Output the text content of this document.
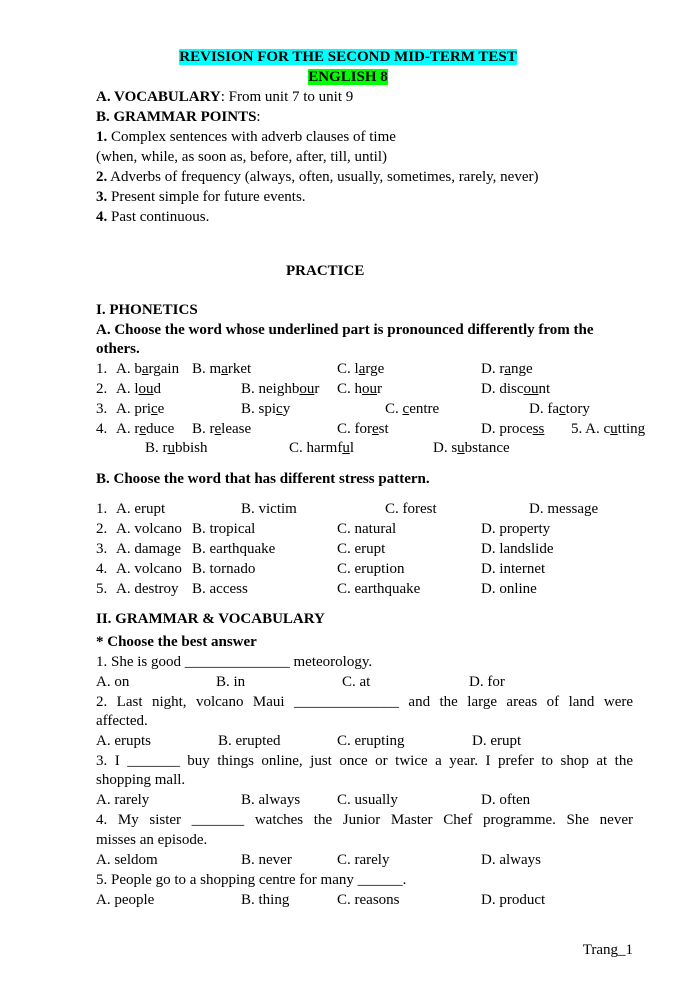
REVISION FOR THE SECOND MID-TERM TEST
ENGLISH 8
A. VOCABULARY: From unit 7 to unit 9
B. GRAMMAR POINTS:
1. Complex sentences with adverb clauses of time
(when, while, as soon as, before, after, till, until)
2. Adverbs of frequency (always, often, usually, sometimes, rarely, never)
3. Present simple for future events.
4. Past continuous.
PRACTICE
I. PHONETICS
A. Choose the word whose underlined part is pronounced differently from the
others.
1. A. bargain B. market	C. large	D. range
2. A. loud	B. neighbour C. hour	D. discount
3. A. price	B. spicy	C. centre	D. factory
4. A. reduce B. release	C. forest	D. process 5. A. cutting
B. rubbish	C. harmful	D. substance
B. Choose the word that has different stress pattern.
1. A. erupt	B. victim	C. forest	D. message
2. A. volcano B. tropical	C. natural	D. property
3. A. damage B. earthquake	C. erupt	D. landslide
4. A. volcano B. tornado	C. eruption	D. internet
5. A. destroy B. access	C. earthquake	D. online
II. GRAMMAR & VOCABULARY
* Choose the best answer
1. She is good ______________ meteorology.
A. on	B. in	C. at	D. for
2. Last night, volcano Maui ______________ and the large areas of land were
affected.
A. erupts	B. erupted	C. erupting	D. erupt
3. I _______ buy things online, just once or twice a year. I prefer to shop at the
shopping mall.
A. rarely	B. always C. usually	D. often
4. My sister _______ watches the Junior Master Chef programme. She never
misses an episode.
A. seldom	B. never	C. rarely	D. always
5. People go to a shopping centre for many ______.
A. people	B. thing	C. reasons	D. product
Trang_1
